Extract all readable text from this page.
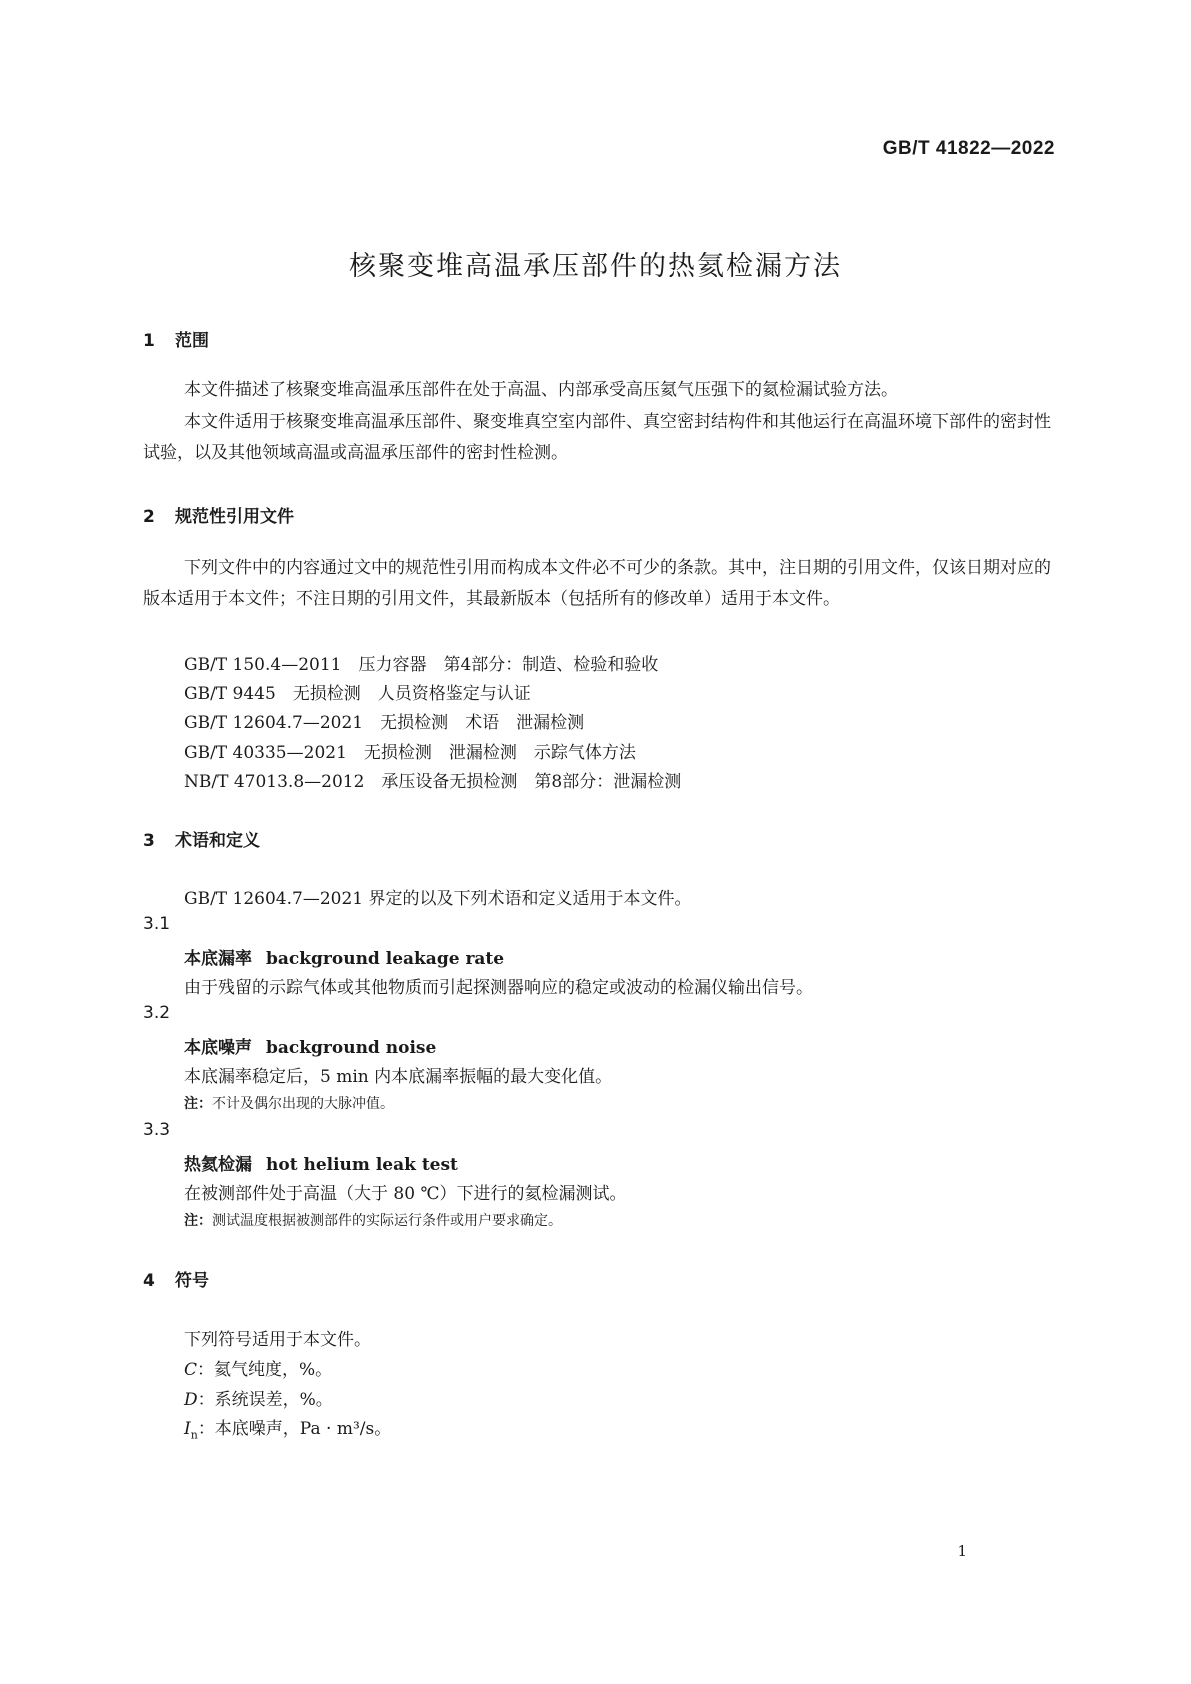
GB/T 41822—2022
核聚变堆高温承压部件的热氦检漏方法
1 范围
本文件描述了核聚变堆高温承压部件在处于高温、内部承受高压氦气压强下的氦检漏试验方法。
本文件适用于核聚变堆高温承压部件、聚变堆真空室内部件、真空密封结构件和其他运行在高温环境下部件的密封性试验，以及其他领域高温或高温承压部件的密封性检测。
2 规范性引用文件
下列文件中的内容通过文中的规范性引用而构成本文件必不可少的条款。其中，注日期的引用文件，仅该日期对应的版本适用于本文件；不注日期的引用文件，其最新版本（包括所有的修改单）适用于本文件。
GB/T 150.4—2011　压力容器　第4部分：制造、检验和验收
GB/T 9445　无损检测　人员资格鉴定与认证
GB/T 12604.7—2021　无损检测　术语　泄漏检测
GB/T 40335—2021　无损检测　泄漏检测　示踪气体方法
NB/T 47013.8—2012　承压设备无损检测　第8部分：泄漏检测
3 术语和定义
GB/T 12604.7—2021 界定的以及下列术语和定义适用于本文件。
3.1
本底漏率 background leakage rate
由于残留的示踪气体或其他物质而引起探测器响应的稳定或波动的检漏仪输出信号。
3.2
本底噪声 background noise
本底漏率稳定后，5 min 内本底漏率振幅的最大变化值。
注：不计及偶尔出现的大脉冲值。
3.3
热氦检漏 hot helium leak test
在被测部件处于高温（大于 80 ℃）下进行的氦检漏测试。
注：测试温度根据被测部件的实际运行条件或用户要求确定。
4 符号
下列符号适用于本文件。
C：氦气纯度，%。
D：系统误差，%。
$I_n$：本底噪声，Pa · m³/s。
1
